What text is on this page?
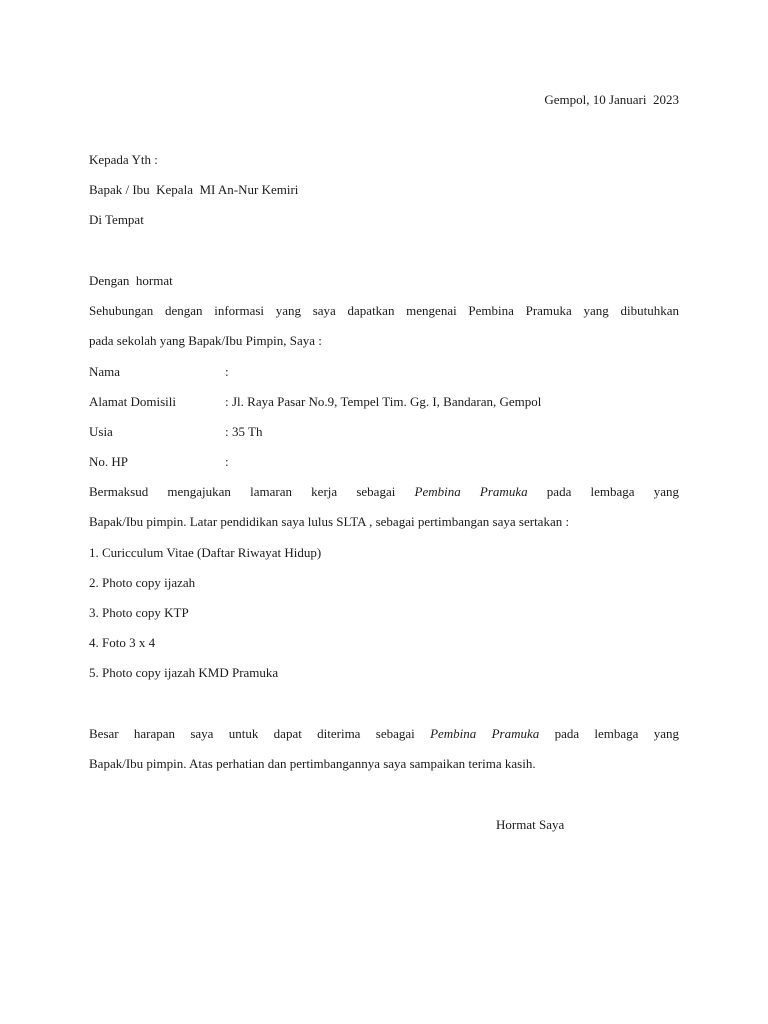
Gempol, 10 Januari  2023
Kepada Yth :
Bapak / Ibu  Kepala  MI An-Nur Kemiri
Di Tempat
Dengan  hormat
Sehubungan dengan informasi yang saya dapatkan mengenai Pembina Pramuka yang dibutuhkan
pada sekolah yang Bapak/Ibu Pimpin, Saya :
Nama	:
Alamat Domisili	: Jl. Raya Pasar No.9, Tempel Tim. Gg. I, Bandaran, Gempol
Usia	: 35 Th
No. HP	:
Bermaksud mengajukan lamaran kerja sebagai Pembina Pramuka pada lembaga yang
Bapak/Ibu pimpin. Latar pendidikan saya lulus SLTA , sebagai pertimbangan saya sertakan :
1. Curicculum Vitae (Daftar Riwayat Hidup)
2. Photo copy ijazah
3. Photo copy KTP
4. Foto 3 x 4
5. Photo copy ijazah KMD Pramuka
Besar harapan saya untuk dapat diterima sebagai Pembina Pramuka pada lembaga yang
Bapak/Ibu pimpin. Atas perhatian dan pertimbangannya saya sampaikan terima kasih.
Hormat Saya
